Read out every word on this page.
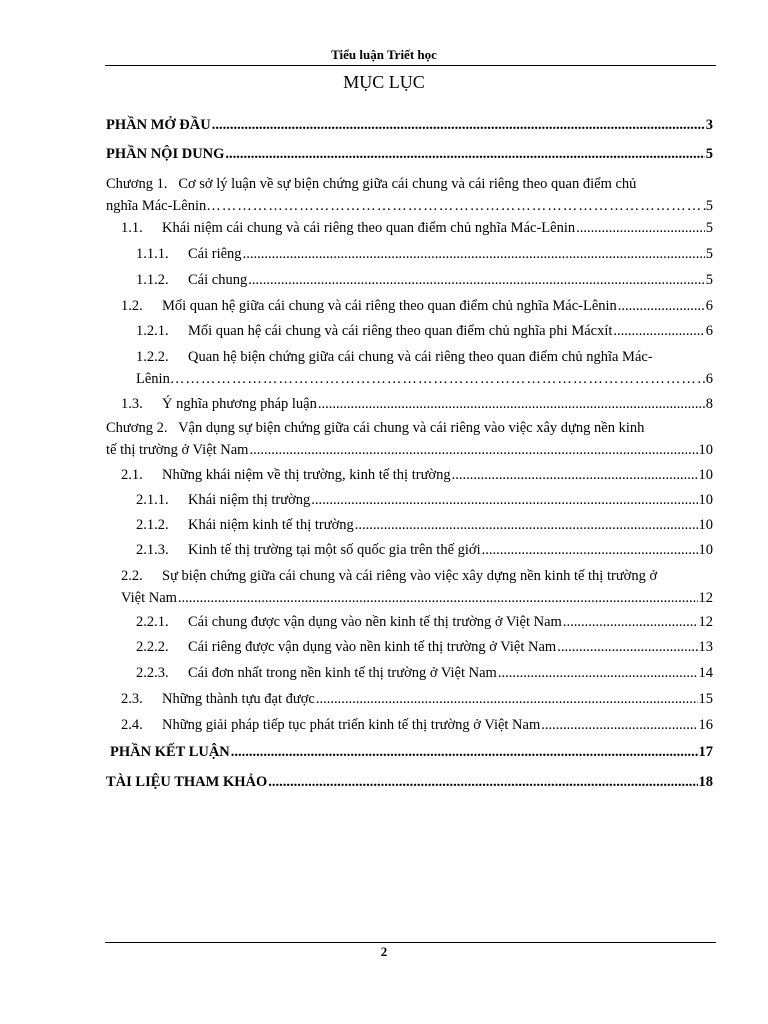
Tiểu luận Triết học
MỤC LỤC
PHẦN MỞ ĐẦU .....	3
PHẦN NỘI DUNG .....	5
Chương 1. Cơ sở lý luận về sự biện chứng giữa cái chung và cái riêng theo quan điểm chủ
nghĩa Mác-Lênin ………………………………………………………………………………………………………………………………………………………………………	5
1.1.	Khái niệm cái chung và cái riêng theo quan điểm chủ nghĩa Mác-Lênin .....	5
1.1.1.	Cái riêng .....	5
1.1.2.	Cái chung .....	5
1.2.	Mối quan hệ giữa cái chung và cái riêng theo quan điểm chủ nghĩa Mác-Lênin .....	6
1.2.1.	Mối quan hệ cái chung và cái riêng theo quan điểm chủ nghĩa phi Mácxít .....	6
1.2.2. Quan hệ biện chứng giữa cái chung và cái riêng theo quan điểm chủ nghĩa Mác-
Lênin ………………………………………………………………………………………………………………………………………………………………………	.6
1.3.	Ý nghĩa phương pháp luận .....	8
Chương 2. Vận dụng sự biện chứng giữa cái chung và cái riêng vào việc xây dựng nền kinh
tế thị trường ở Việt Nam .....	10
2.1.	Những khái niệm về thị trường, kinh tế thị trường .....	10
2.1.1.	Khái niệm thị trường .....	10
2.1.2.	Khái niệm kinh tế thị trường .....	10
2.1.3.	Kinh tế thị trường tại một số quốc gia trên thế giới .....	10
2.2. Sự biện chứng giữa cái chung và cái riêng vào việc xây dựng nền kinh tế thị trường ở
Việt Nam .....	12
2.2.1.	Cái chung được vận dụng vào nền kinh tế thị trường ở Việt Nam .....	12
2.2.2.	Cái riêng được vận dụng vào nền kinh tế thị trường ở Việt Nam .....	13
2.2.3.	Cái đơn nhất trong nền kinh tế thị trường ở Việt Nam .....	14
2.3.	Những thành tựu đạt được .....	15
2.4.	Những giải pháp tiếp tục phát triển kinh tế thị trường ở Việt Nam .....	16
PHẦN KẾT LUẬN .....	17
TÀI LIỆU THAM KHẢO .....	18
2
